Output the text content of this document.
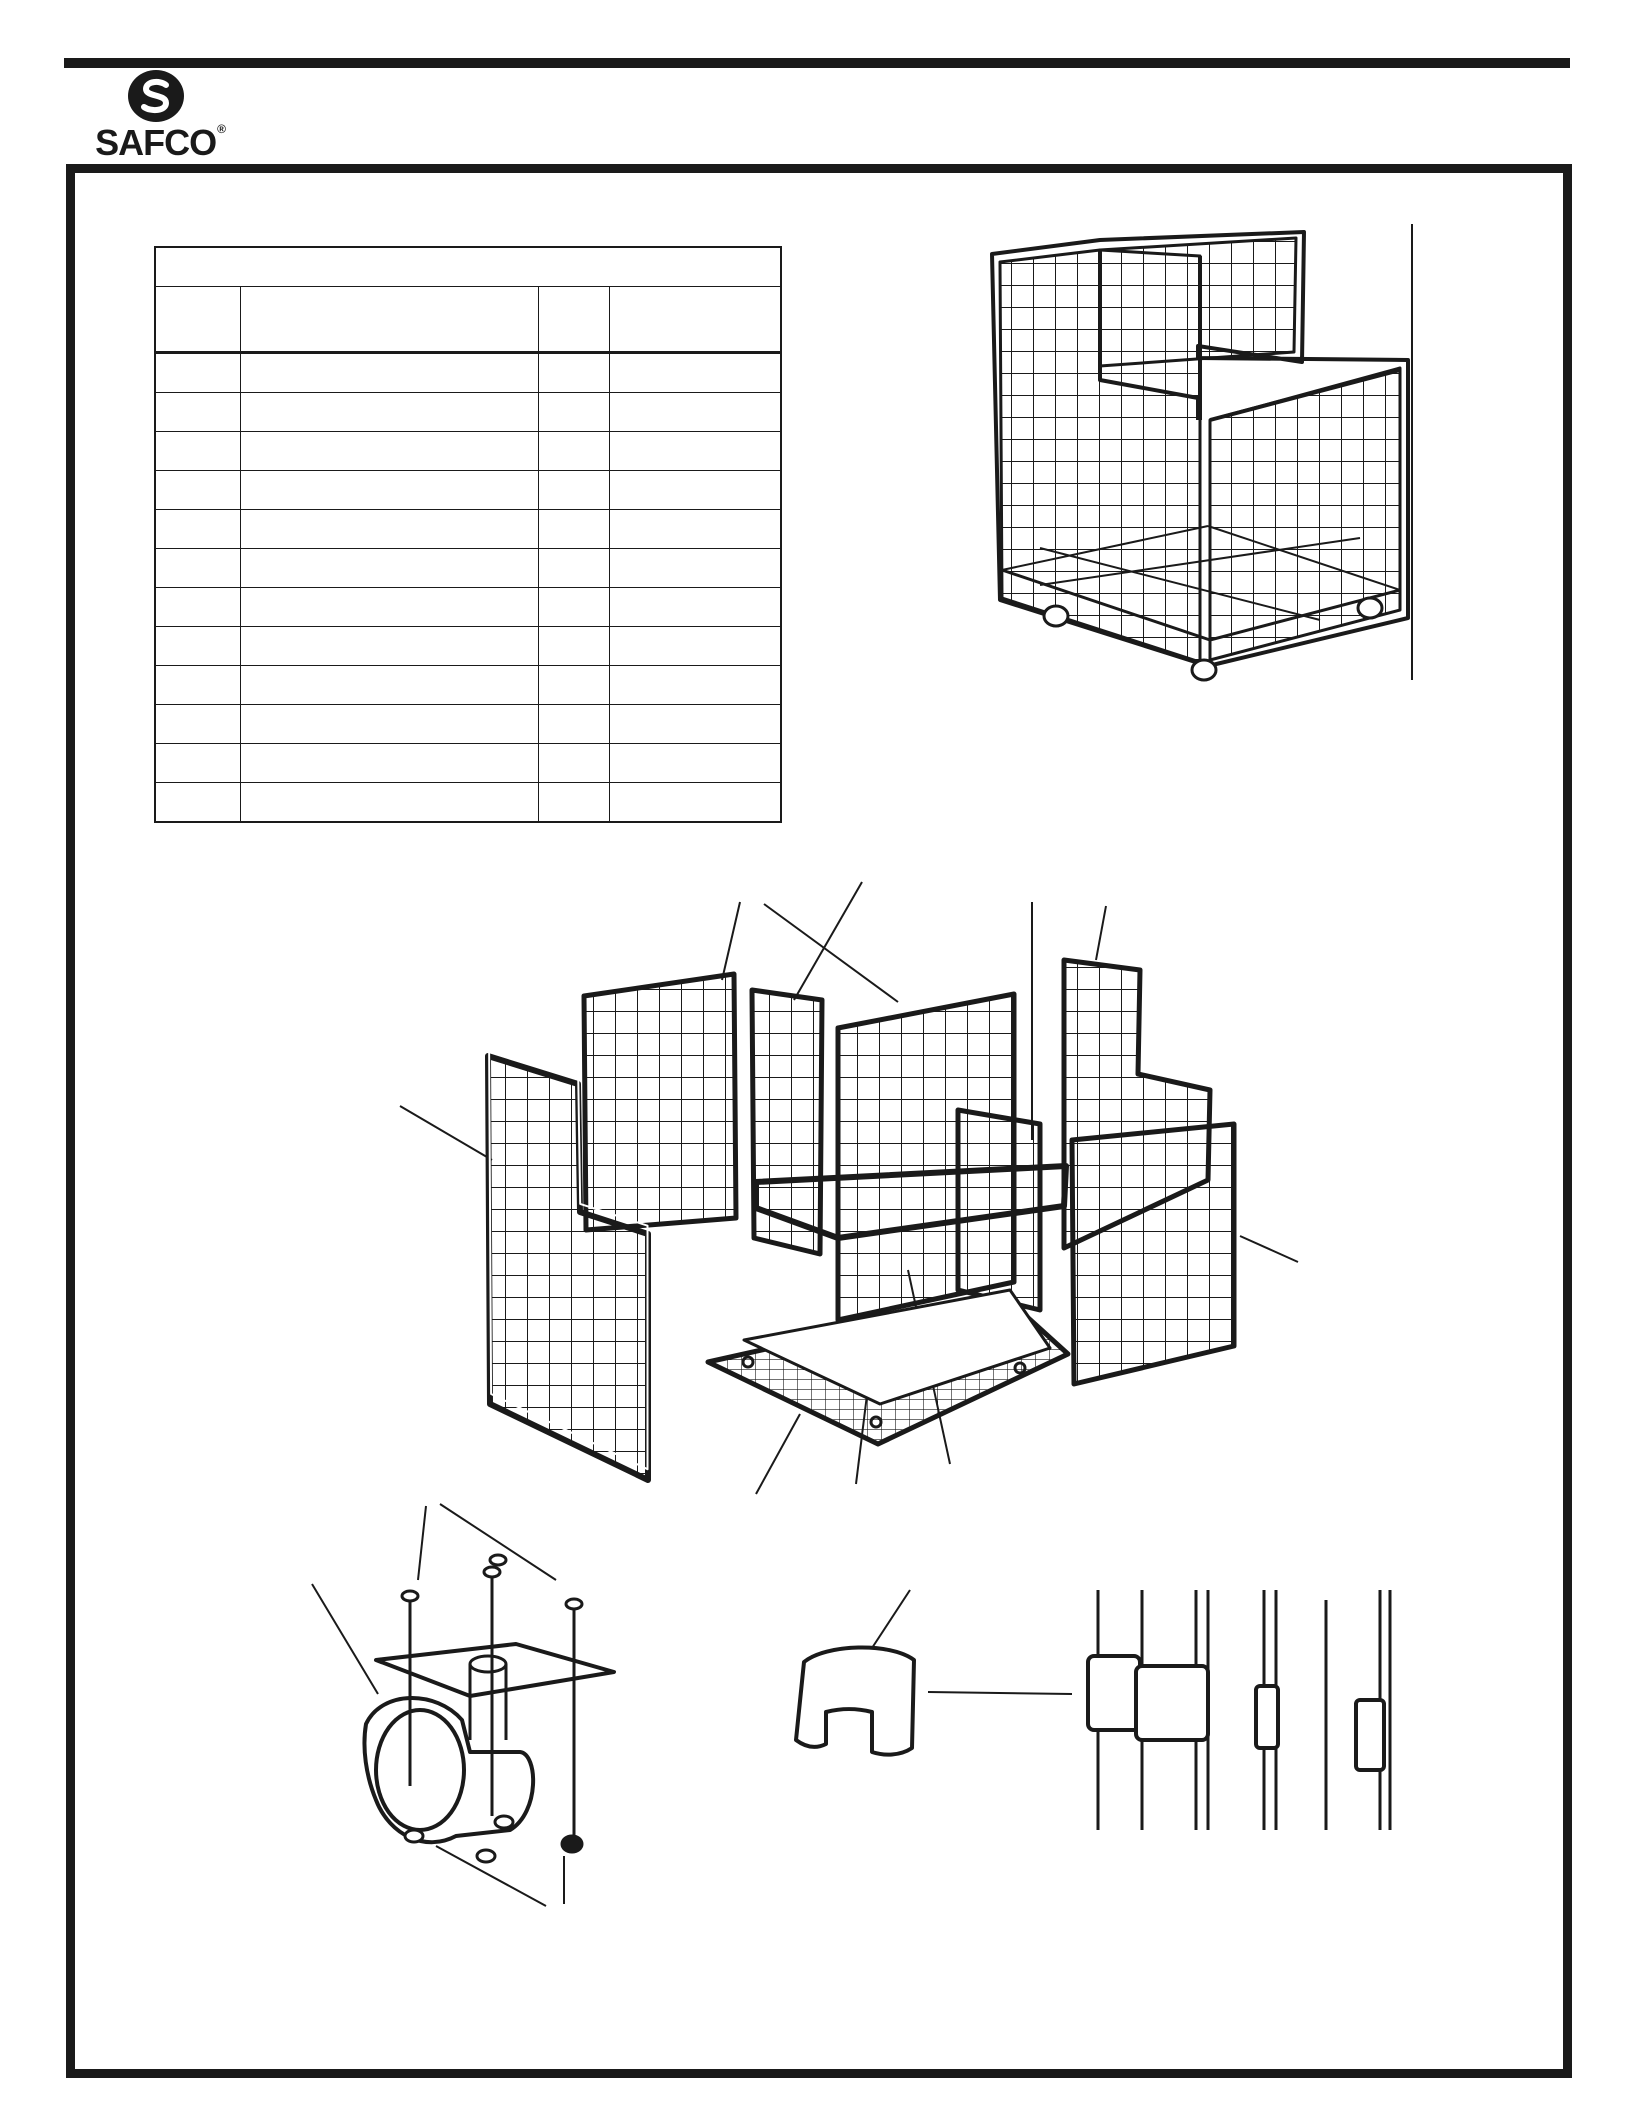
SAFCO®
